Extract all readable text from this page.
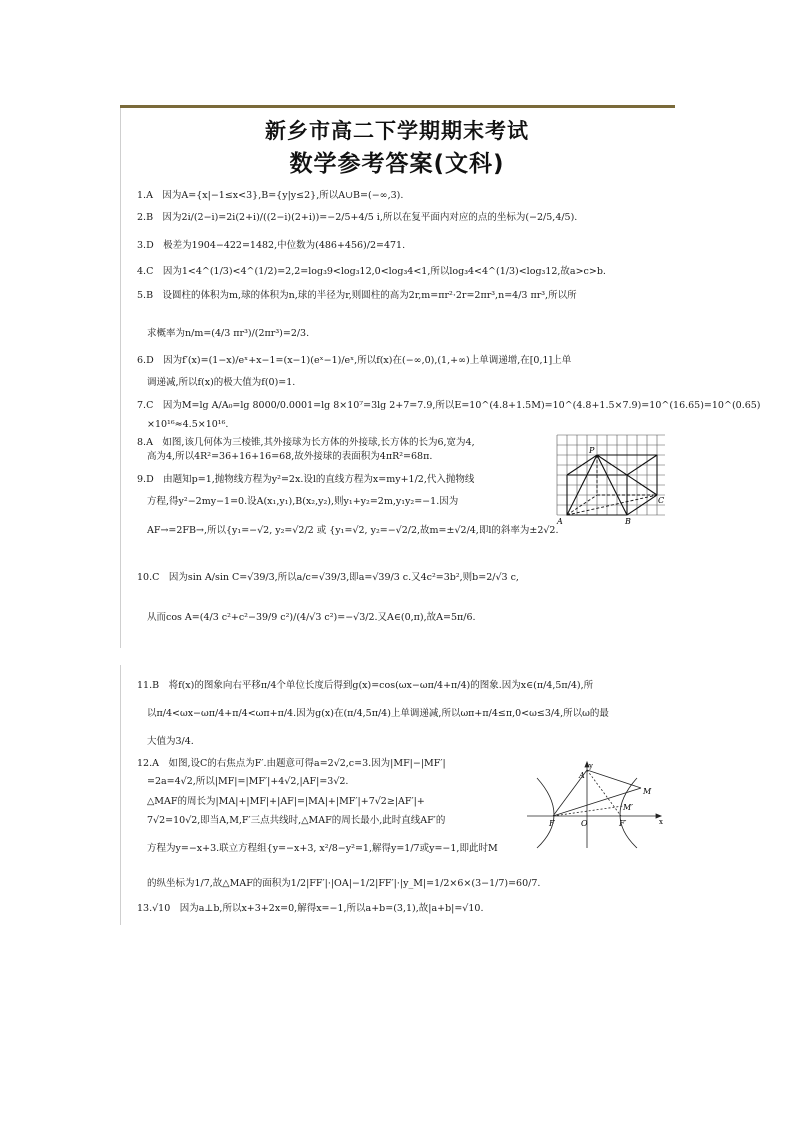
新乡市高二下学期期末考试
数学参考答案(文科)
1.A　因为A={x|−1≤x<3},B={y|y≤2},所以A∪B=(−∞,3).
2.B　因为2i/(2−i)=2i(2+i)/((2−i)(2+i))=−2/5+4/5 i,所以在复平面内对应的点的坐标为(−2/5,4/5).
3.D　极差为1904−422=1482,中位数为(486+456)/2=471.
4.C　因为1<4^(1/3)<4^(1/2)=2,2=log₃9<log₃12,0<log₃4<1,所以log₃4<4^(1/3)<log₃12,故a>c>b.
5.B　设圆柱的体积为m,球的体积为n,球的半径为r,则圆柱的高为2r,m=πr²·2r=2πr³,n=4/3 πr³,所以所
求概率为n/m=(4/3 πr³)/(2πr³)=2/3.
6.D　因为f′(x)=(1−x)/eˣ+x−1=(x−1)(eˣ−1)/eˣ,所以f(x)在(−∞,0),(1,+∞)上单调递增,在[0,1]上单
调递减,所以f(x)的极大值为f(0)=1.
7.C　因为M=lg A/A₀=lg 8000/0.0001=lg 8×10⁷=3lg 2+7=7.9,所以E=10^(4.8+1.5M)=10^(4.8+1.5×7.9)=10^(16.65)=10^(0.65)
×10¹⁶≈4.5×10¹⁶.
8.A　如图,该几何体为三棱锥,其外接球为长方体的外接球,长方体的长为6,宽为4,
高为4,所以4R²=36+16+16=68,故外接球的表面积为4πR²=68π.
9.D　由题知p=1,抛物线方程为y²=2x.设l的直线方程为x=my+1/2,代入抛物线
方程,得y²−2my−1=0.设A(x₁,y₁),B(x₂,y₂),则y₁+y₂=2m,y₁y₂=−1.因为
AF→=2FB→,所以{y₁=−√2, y₂=√2/2 或 {y₁=√2, y₂=−√2/2,故m=±√2/4,即l的斜率为±2√2.
10.C　因为sin A/sin C=√39/3,所以a/c=√39/3,即a=√39/3 c.又4c²=3b²,则b=2/√3 c,
从而cos A=(4/3 c²+c²−39/9 c²)/(4/√3 c²)=−√3/2.又A∈(0,π),故A=5π/6.
11.B　将f(x)的图象向右平移π/4个单位长度后得到g(x)=cos(ωx−ωπ/4+π/4)的图象.因为x∈(π/4,5π/4),所
以π/4<ωx−ωπ/4+π/4<ωπ+π/4.因为g(x)在(π/4,5π/4)上单调递减,所以ωπ+π/4≤π,0<ω≤3/4,所以ω的最
大值为3/4.
12.A　如图,设C的右焦点为F′.由题意可得a=2√2,c=3.因为|MF|−|MF′|
=2a=4√2,所以|MF|=|MF′|+4√2,|AF|=3√2.
△MAF的周长为|MA|+|MF|+|AF|=|MA|+|MF′|+7√2≥|AF′|+
7√2=10√2,即当A,M,F′三点共线时,△MAF的周长最小,此时直线AF′的
方程为y=−x+3.联立方程组{y=−x+3, x²/8−y²=1,解得y=1/7或y=−1,即此时M
的纵坐标为1/7,故△MAF的面积为1/2|FF′|·|OA|−1/2|FF′|·|y_M|=1/2×6×(3−1/7)=60/7.
13.√10　因为a⊥b,所以x+3+2x=0,解得x=−1,所以a+b=(3,1),故|a+b|=√10.
P
A	B
C
y
x
A
M
M′
F	O	F′
